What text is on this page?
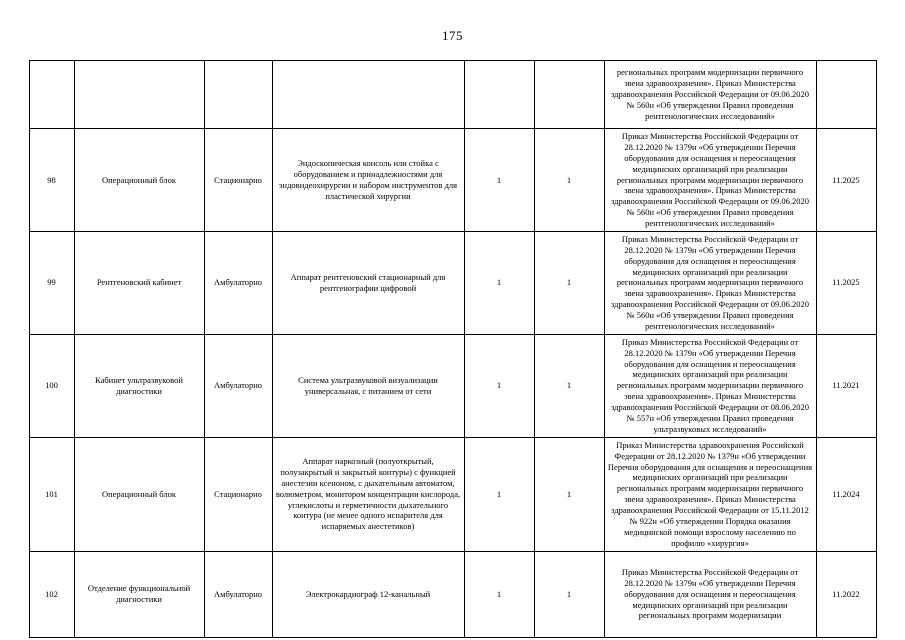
175
						региональных программ модернизации первичного звена здравоохранения». Приказ Министерства здравоохранения Российской Федерации от 09.06.2020 № 560н «Об утверждении Правил проведения рентгенологических исследований»	
98	Операционный блок	Стационарно	Эндоскопическая консоль или стойка с оборудованием и принадлежностями для эндовидеохирургии и набором инструментов для пластической хирургии	1	1	Приказ Министерства Российской Федерации от 28.12.2020 № 1379н «Об утверждении Перечня оборудования для оснащения и переоснащения медицинских организаций при реализации региональных программ модернизации первичного звена здравоохранения». Приказ Министерства здравоохранения Российской Федерации от 09.06.2020 № 560н «Об утверждении Правил проведения рентгенологических исследований»	11.2025
99	Рентгеновский кабинет	Амбулаторно	Аппарат рентгеновский стационарный для рентгенографии цифровой	1	1	Приказ Министерства Российской Федерации от 28.12.2020 № 1379н «Об утверждении Перечня оборудования для оснащения и переоснащения медицинских организаций при реализации региональных программ модернизации первичного звена здравоохранения». Приказ Министерства здравоохранения Российской Федерации от 09.06.2020 № 560н «Об утверждении Правил проведения рентгенологических исследований»	11.2025
100	Кабинет ультразвуковой диагностики	Амбулаторно	Система ультразвуковой визуализации универсальная, с питанием от сети	1	1	Приказ Министерства Российской Федерации от 28.12.2020 № 1379н «Об утверждении Перечня оборудования для оснащения и переоснащения медицинских организаций при реализации региональных программ модернизации первичного звена здравоохранения». Приказ Министерства здравоохранения Российской Федерации от 08.06.2020 № 557н «Об утверждении Правил проведения ультразвуковых исследований»	11.2021
101	Операционный блок	Стационарно	Аппарат наркозный (полуоткрытый, полузакрытый и закрытый контуры) с функцией анестезии ксеноном, с дыхательным автоматом, волюметром, монитором концентрации кислорода, углекислоты и герметичности дыхательного контура (не менее одного испарителя для испаряемых анестетиков)	1	1	Приказ Министерства здравоохранения Российской Федерации от 28.12.2020 № 1379н «Об утверждении Перечня оборудования для оснащения и переоснащения медицинских организаций при реализации региональных программ модернизации первичного звена здравоохранения». Приказ Министерства здравоохранения Российской Федерации от 15.11.2012 № 922н «Об утверждении Порядка оказания медицинской помощи взрослому населению по профилю «хирургия»	11.2024
102	Отделение функциональной диагностики	Амбулаторно	Электрокардиограф 12-канальный	1	1	Приказ Министерства Российской Федерации от 28.12.2020 № 1379н «Об утверждении Перечня оборудования для оснащения и переоснащения медицинских организаций при реализации региональных программ модернизации	11.2022
